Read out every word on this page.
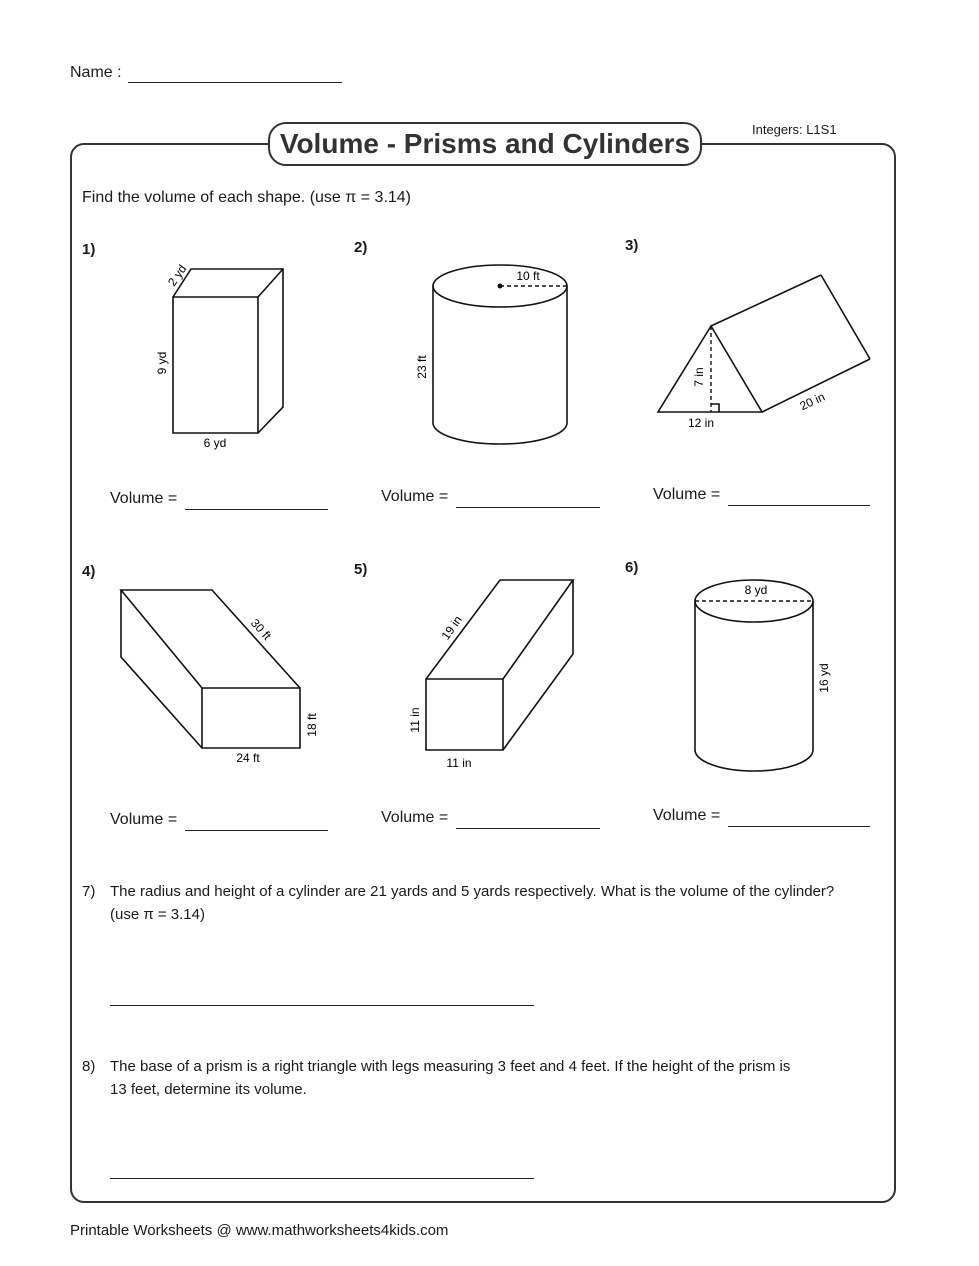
Name :
Volume - Prisms and Cylinders	Integers: L1S1
Find the volume of each shape. (use π = 3.14)
1)	2)	3)
4)	5)	6)
2 yd
9 yd
6 yd
10 ft
23 ft	7 in
12 in
20 in
30 ft
24 ft
18 ft
19 in
11 in
11 in
8 yd
16 yd
Volume =	Volume =	Volume =
Volume =	Volume =	Volume =
7) The radius and height of a cylinder are 21 yards and 5 yards respectively. What is the volume of the cylinder?
(use π = 3.14)
8) The base of a prism is a right triangle with legs measuring 3 feet and 4 feet. If the height of the prism is
13 feet, determine its volume.
Printable Worksheets @ www.mathworksheets4kids.com
